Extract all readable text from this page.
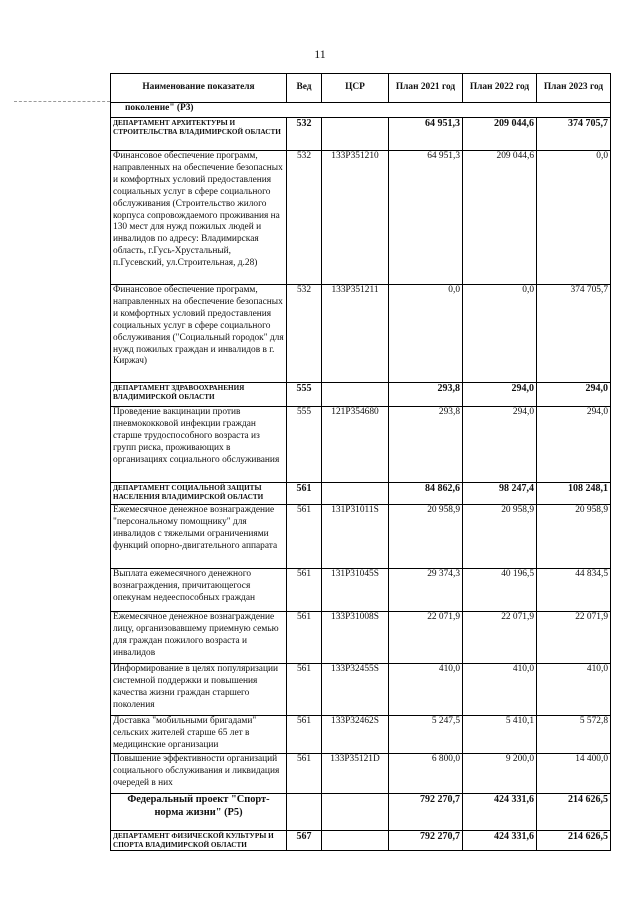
11
Наименование показателя	Вед	ЦСР	План 2021 год	План 2022 год	План 2023 год
поколение" (Р3)					
ДЕПАРТАМЕНТ АРХИТЕКТУРЫ И СТРОИТЕЛЬСТВА ВЛАДИМИРСКОЙ ОБЛАСТИ	532		64 951,3	209 044,6	374 705,7
Финансовое обеспечение программ, направленных на обеспечение безопасных и комфортных условий предоставления социальных услуг в сфере социального обслуживания (Строительство жилого корпуса сопровождаемого проживания на 130 мест для нужд пожилых людей и инвалидов по адресу: Владимирская область, г.Гусь-Хрустальный, п.Гусевский, ул.Строительная, д.28)	532	133P351210	64 951,3	209 044,6	0,0
Финансовое обеспечение программ, направленных на обеспечение безопасных и комфортных условий предоставления социальных услуг в сфере социального обслуживания ("Социальный городок" для нужд пожилых граждан и инвалидов в г. Киржач)	532	133P351211	0,0	0,0	374 705,7
ДЕПАРТАМЕНТ ЗДРАВООХРАНЕНИЯ ВЛАДИМИРСКОЙ ОБЛАСТИ	555		293,8	294,0	294,0
Проведение вакцинации против пневмококковой инфекции граждан старше трудоспособного возраста из групп риска, проживающих в организациях социального обслуживания	555	121P354680	293,8	294,0	294,0
ДЕПАРТАМЕНТ СОЦИАЛЬНОЙ ЗАЩИТЫ НАСЕЛЕНИЯ ВЛАДИМИРСКОЙ ОБЛАСТИ	561		84 862,6	98 247,4	108 248,1
Ежемесячное денежное вознаграждение "персональному помощнику" для инвалидов с тяжелыми ограничениями функций опорно-двигательного аппарата	561	131P31011S	20 958,9	20 958,9	20 958,9
Выплата ежемесячного денежного вознаграждения, причитающегося опекунам недееспособных граждан	561	131P31045S	29 374,3	40 196,5	44 834,5
Ежемесячное денежное вознаграждение лицу, организовавшему приемную семью для граждан пожилого возраста и инвалидов	561	133P31008S	22 071,9	22 071,9	22 071,9
Информирование в целях популяризации системной поддержки и повышения качества жизни граждан старшего поколения	561	133P32455S	410,0	410,0	410,0
Доставка "мобильными бригадами" сельских жителей старше 65 лет в медицинские организации	561	133P32462S	5 247,5	5 410,1	5 572,8
Повышение эффективности организаций социального обслуживания и ликвидация очередей в них	561	133P35121D	6 800,0	9 200,0	14 400,0
Федеральный проект "Спорт-норма жизни" (Р5)			792 270,7	424 331,6	214 626,5
ДЕПАРТАМЕНТ ФИЗИЧЕСКОЙ КУЛЬТУРЫ И СПОРТА ВЛАДИМИРСКОЙ ОБЛАСТИ	567		792 270,7	424 331,6	214 626,5
